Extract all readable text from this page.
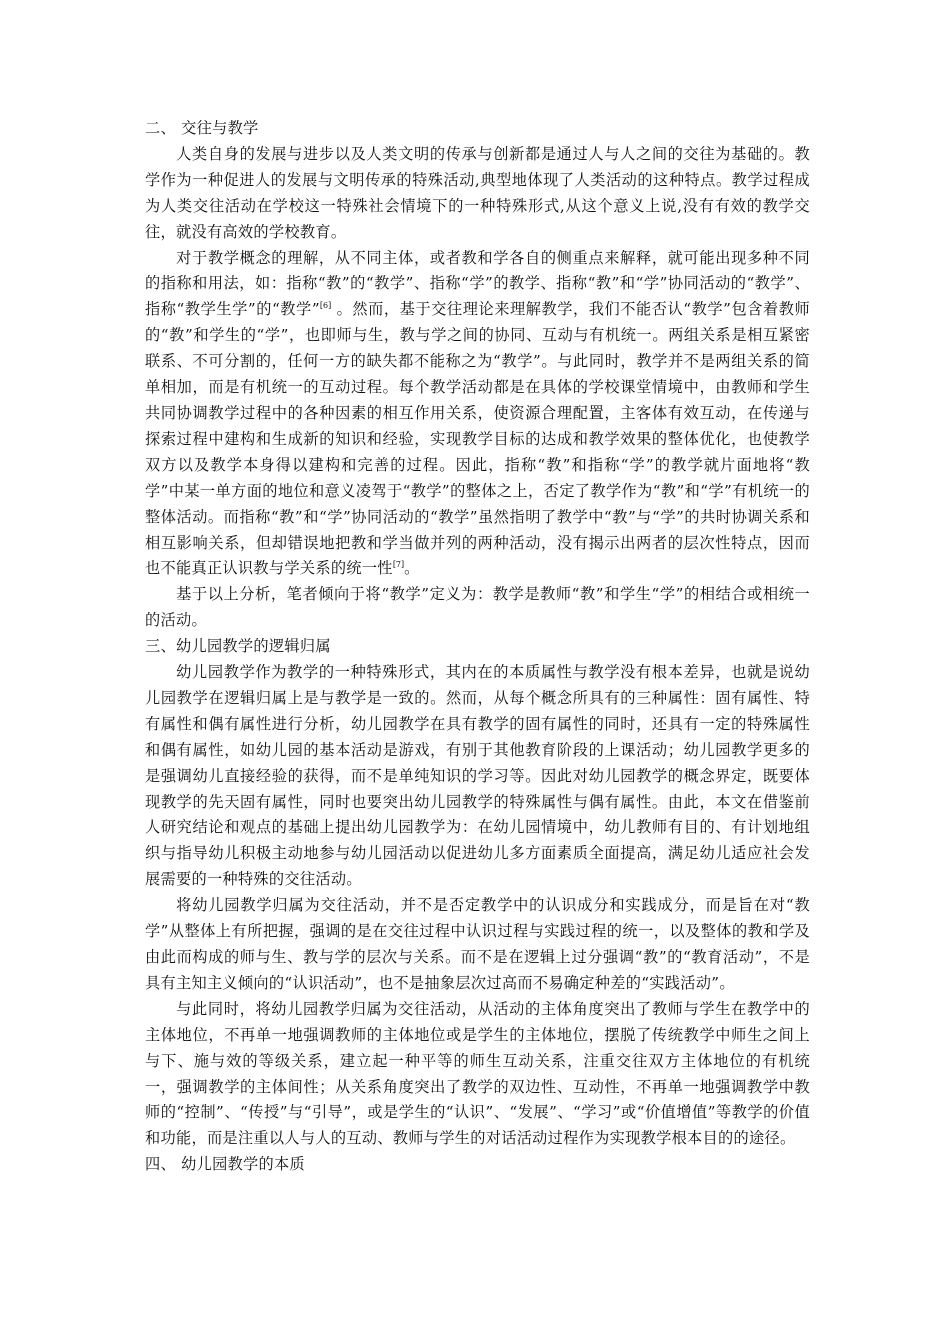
二、 交往与教学

人类自身的发展与进步以及人类文明的传承与创新都是通过人与人之间的交往为基础的。教学作为一种促进人的发展与文明传承的特殊活动,典型地体现了人类活动的这种特点。教学过程成为人类交往活动在学校这一特殊社会情境下的一种特殊形式,从这个意义上说,没有有效的教学交往，就没有高效的学校教育。

对于教学概念的理解，从不同主体，或者教和学各自的侧重点来解释，就可能出现多种不同的指称和用法，如：指称“教”的“教学”、指称“学”的教学、指称“教”和“学”协同活动的“教学”、指称“教学生学”的“教学”[6] 。然而，基于交往理论来理解教学，我们不能否认“教学”包含着教师的“教”和学生的“学”，也即师与生，教与学之间的协同、互动与有机统一。两组关系是相互紧密联系、不可分割的，任何一方的缺失都不能称之为“教学”。与此同时，教学并不是两组关系的简单相加，而是有机统一的互动过程。每个教学活动都是在具体的学校课堂情境中，由教师和学生共同协调教学过程中的各种因素的相互作用关系，使资源合理配置，主客体有效互动，在传递与探索过程中建构和生成新的知识和经验，实现教学目标的达成和教学效果的整体优化，也使教学双方以及教学本身得以建构和完善的过程。因此，指称“教”和指称“学”的教学就片面地将“教学”中某一单方面的地位和意义凌驾于“教学”的整体之上，否定了教学作为“教”和“学”有机统一的整体活动。而指称“教”和“学”协同活动的“教学”虽然指明了教学中“教”与“学”的共时协调关系和相互影响关系，但却错误地把教和学当做并列的两种活动，没有揭示出两者的层次性特点，因而也不能真正认识教与学关系的统一性[7]。

基于以上分析，笔者倾向于将“教学”定义为：教学是教师“教”和学生“学”的相结合或相统一的活动。

三、幼儿园教学的逻辑归属

幼儿园教学作为教学的一种特殊形式，其内在的本质属性与教学没有根本差异，也就是说幼儿园教学在逻辑归属上是与教学是一致的。然而，从每个概念所具有的三种属性：固有属性、特有属性和偶有属性进行分析，幼儿园教学在具有教学的固有属性的同时，还具有一定的特殊属性和偶有属性，如幼儿园的基本活动是游戏，有别于其他教育阶段的上课活动；幼儿园教学更多的是强调幼儿直接经验的获得，而不是单纯知识的学习等。因此对幼儿园教学的概念界定，既要体现教学的先天固有属性，同时也要突出幼儿园教学的特殊属性与偶有属性。由此，本文在借鉴前人研究结论和观点的基础上提出幼儿园教学为：在幼儿园情境中，幼儿教师有目的、有计划地组织与指导幼儿积极主动地参与幼儿园活动以促进幼儿多方面素质全面提高，满足幼儿适应社会发展需要的一种特殊的交往活动。

将幼儿园教学归属为交往活动，并不是否定教学中的认识成分和实践成分，而是旨在对“教学”从整体上有所把握，强调的是在交往过程中认识过程与实践过程的统一，以及整体的教和学及由此而构成的师与生、教与学的层次与关系。而不是在逻辑上过分强调“教”的“教育活动”，不是具有主知主义倾向的“认识活动”，也不是抽象层次过高而不易确定种差的“实践活动”。

与此同时，将幼儿园教学归属为交往活动，从活动的主体角度突出了教师与学生在教学中的主体地位，不再单一地强调教师的主体地位或是学生的主体地位，摆脱了传统教学中师生之间上与下、施与效的等级关系，建立起一种平等的师生互动关系，注重交往双方主体地位的有机统一，强调教学的主体间性；从关系角度突出了教学的双边性、互动性，不再单一地强调教学中教师的“控制”、“传授”与“引导”，或是学生的“认识”、“发展”、“学习”或“价值增值”等教学的价值和功能，而是注重以人与人的互动、教师与学生的对话活动过程作为实现教学根本目的的途径。

四、 幼儿园教学的本质
